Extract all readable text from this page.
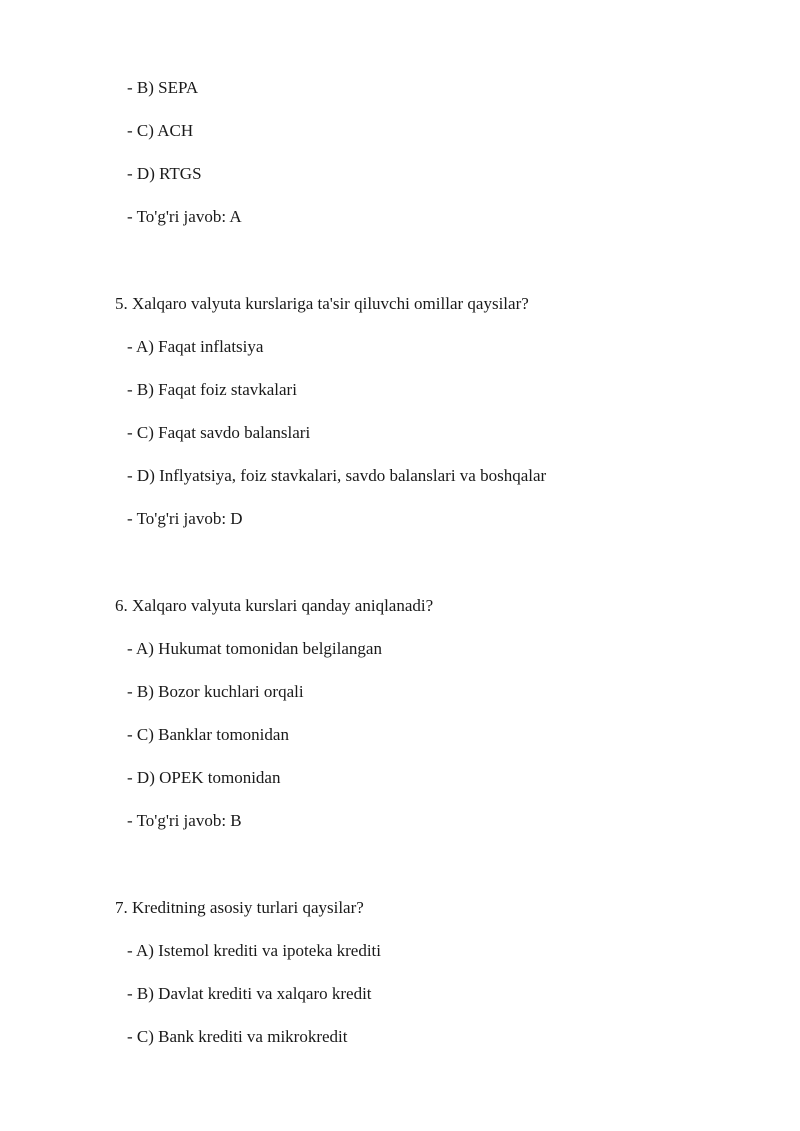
- B) SEPA
- C) ACH
- D) RTGS
- To'g'ri javob: A
5. Xalqaro valyuta kurslariga ta'sir qiluvchi omillar qaysilar?
- A) Faqat inflatsiya
- B) Faqat foiz stavkalari
- C) Faqat savdo balanslari
- D) Inflyatsiya, foiz stavkalari, savdo balanslari va boshqalar
- To'g'ri javob: D
6. Xalqaro valyuta kurslari qanday aniqlanadi?
- A) Hukumat tomonidan belgilangan
- B) Bozor kuchlari orqali
- C) Banklar tomonidan
- D) OPEK tomonidan
- To'g'ri javob: B
7. Kreditning asosiy turlari qaysilar?
- A) Istemol krediti va ipoteka krediti
- B) Davlat krediti va xalqaro kredit
- C) Bank krediti va mikrokredit
